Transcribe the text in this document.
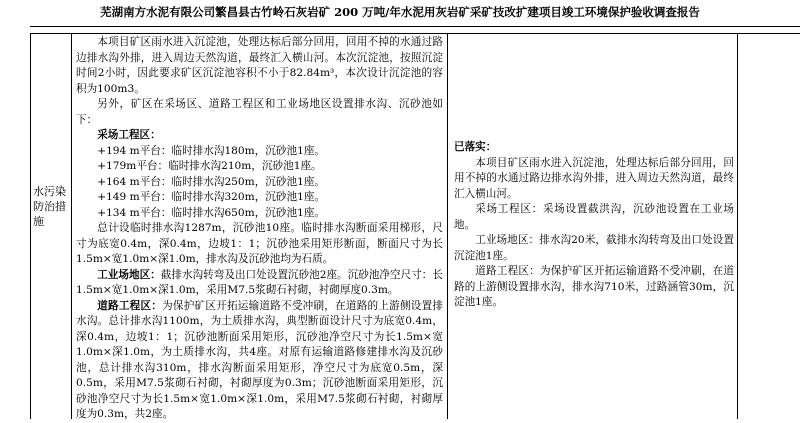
芜湖南方水泥有限公司繁昌县古竹岭石灰岩矿 200 万吨/年水泥用灰岩矿采矿技改扩建项目竣工环境保护验收调查报告
水污染防治措施

本项目矿区雨水进入沉淀池，处理达标后部分回用，回用不掉的水通过路边排水沟外排，进入周边天然沟道，最终汇入横山河。本次沉淀池，按照沉淀时间2小时，因此要求矿区沉淀池容积不小于82.84m³，本次设计沉淀池的容积为100m3。

另外，矿区在采场区、道路工程区和工业场地区设置排水沟、沉砂池如下：

采场工程区：

+194 m平台：临时排水沟180m，沉砂池1座。

+179m平台：临时排水沟210m，沉砂池1座。

+164 m平台：临时排水沟250m，沉砂池1座。

+149 m平台：临时排水沟320m，沉砂池1座。

+134 m平台：临时排水沟650m，沉砂池1座。

总计设临时排水沟1287m，沉砂池10座。临时排水沟断面采用梯形，尺寸为底宽0.4m，深0.4m，边坡1：1；沉砂池采用矩形断面，断面尺寸为长1.5m×宽1.0m×深1.0m，排水沟及沉砂池均为石质。

工业场地区：截排水沟转弯及出口处设置沉砂池2座。沉砂池净空尺寸：长1.5m×宽1.0m×深1.0m，采用M7.5浆砌石衬砌，衬砌厚度0.3m。

道路工程区：为保护矿区开拓运输道路不受冲刷，在道路的上游侧设置排水沟。总计排水沟1100m，为土质排水沟，典型断面设计尺寸为底宽0.4m，深0.4m，边坡1：1；沉砂池断面采用矩形，沉砂池净空尺寸为长1.5m×宽1.0m×深1.0m，为土质排水沟，共4座。对原有运输道路修建排水沟及沉砂池，总计排水沟310m，排水沟断面采用矩形，净空尺寸为底宽0.5m，深0.5m，采用M7.5浆砌石衬砌，衬砌厚度为0.3m；沉砂池断面采用矩形，沉砂池净空尺寸为长1.5m×宽1.0m×深1.0m，采用M7.5浆砌石衬砌，衬砌厚度为0.3m，共2座。

已落实：

本项目矿区雨水进入沉淀池，处理达标后部分回用，回用不掉的水通过路边排水沟外排，进入周边天然沟道，最终汇入横山河。

采场工程区：采场设置截洪沟，沉砂池设置在工业场地。

工业场地区：排水沟20米，截排水沟转弯及出口处设置沉淀池1座。

道路工程区：为保护矿区开拓运输道路不受冲刷，在道路的上游侧设置排水沟，排水沟710米，过路涵管30m，沉淀池1座。
